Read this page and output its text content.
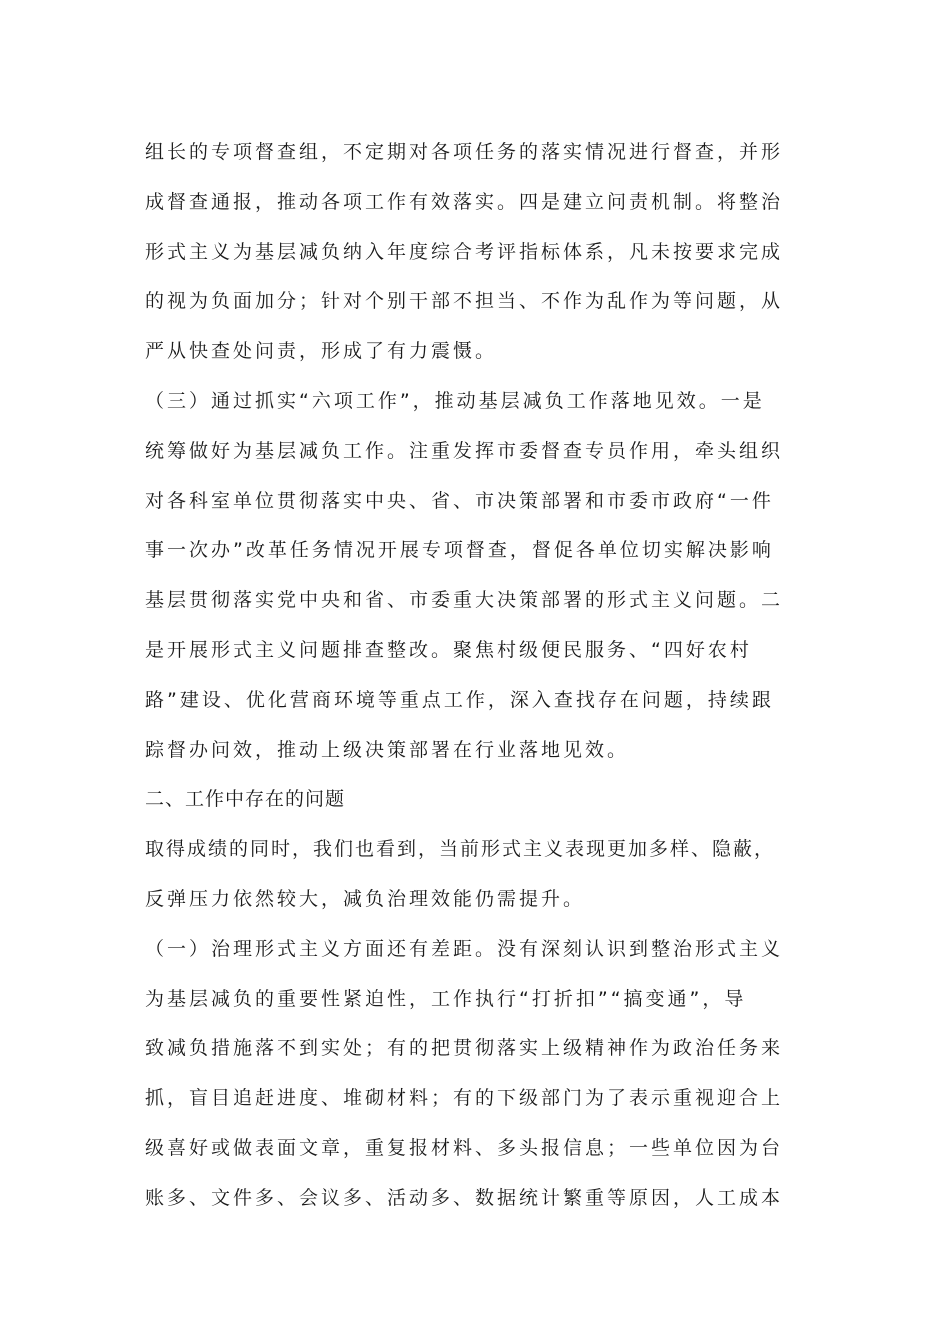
组长的专项督查组，不定期对各项任务的落实情况进行督查，并形
成督查通报，推动各项工作有效落实。四是建立问责机制。将整治
形式主义为基层减负纳入年度综合考评指标体系，凡未按要求完成
的视为负面加分；针对个别干部不担当、不作为乱作为等问题，从
严从快查处问责，形成了有力震慑。
（三）通过抓实“六项工作”，推动基层减负工作落地见效。一是
统筹做好为基层减负工作。注重发挥市委督查专员作用，牵头组织
对各科室单位贯彻落实中央、省、市决策部署和市委市政府“一件
事一次办”改革任务情况开展专项督查，督促各单位切实解决影响
基层贯彻落实党中央和省、市委重大决策部署的形式主义问题。二
是开展形式主义问题排查整改。聚焦村级便民服务、“四好农村
路”建设、优化营商环境等重点工作，深入查找存在问题，持续跟
踪督办问效，推动上级决策部署在行业落地见效。
二、工作中存在的问题
取得成绩的同时，我们也看到，当前形式主义表现更加多样、隐蔽，
反弹压力依然较大，减负治理效能仍需提升。
（一）治理形式主义方面还有差距。没有深刻认识到整治形式主义
为基层减负的重要性紧迫性，工作执行“打折扣”“搞变通”，导
致减负措施落不到实处；有的把贯彻落实上级精神作为政治任务来
抓，盲目追赶进度、堆砌材料；有的下级部门为了表示重视迎合上
级喜好或做表面文章，重复报材料、多头报信息；一些单位因为台
账多、文件多、会议多、活动多、数据统计繁重等原因，人工成本
